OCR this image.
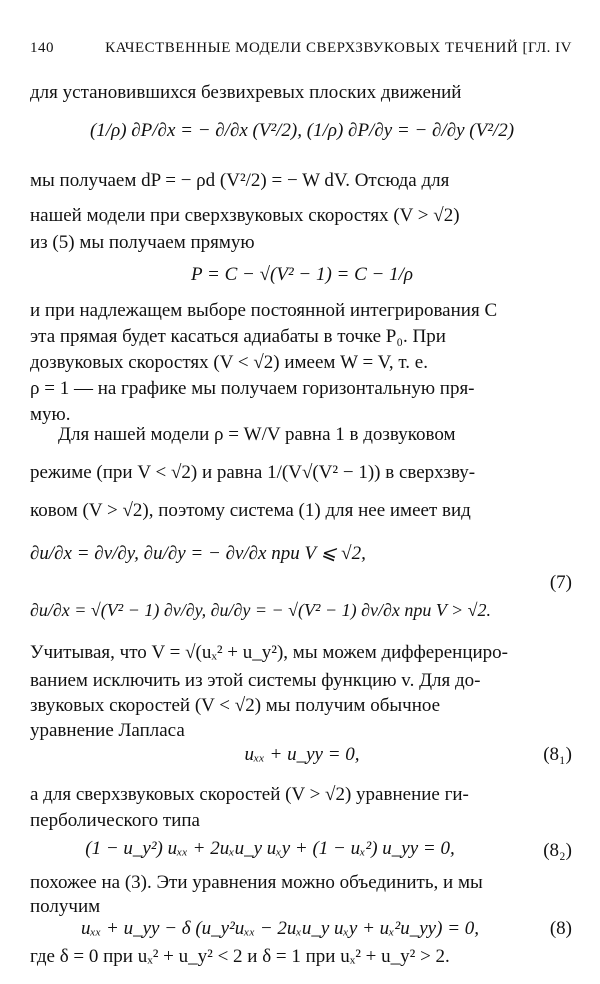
140	КАЧЕСТВЕННЫЕ МОДЕЛИ СВЕРХЗВУКОВЫХ ТЕЧЕНИЙ [ГЛ. IV
для установившихся безвихревых плоских движений
(1/ρ) ∂P/∂x = − ∂/∂x (V²/2), (1/ρ) ∂P/∂y = − ∂/∂y (V²/2)
мы получаем dP = − ρd (V²/2) = − W dV. Отсюда для
нашей модели при сверхзвуковых скоростях (V > √2)
из (5) мы получаем прямую
P = C − √(V² − 1) = C − 1/ρ
и при надлежащем выборе постоянной интегрирования C
эта прямая будет касаться адиабаты в точке P₀. При
дозвуковых скоростях (V < √2) имеем W = V, т. е.
ρ = 1 — на графике мы получаем горизонтальную пря-
мую.
Для нашей модели ρ = W/V равна 1 в дозвуковом
режиме (при V < √2) и равна 1/(V√(V² − 1)) в сверхзву-
ковом (V > √2), поэтому система (1) для нее имеет вид
∂u/∂x = ∂v/∂y, ∂u/∂y = − ∂v/∂x при V ⩽ √2,
(7)
∂u/∂x = √(V² − 1) ∂v/∂y, ∂u/∂y = − √(V² − 1) ∂v/∂x при V > √2.
Учитывая, что V = √(uₓ² + u_y²), мы можем дифференциро-
ванием исключить из этой системы функцию v. Для до-
звуковых скоростей (V < √2) мы получим обычное
уравнение Лапласа
uₓₓ + u_yy = 0,	(8₁)
а для сверхзвуковых скоростей (V > √2) уравнение ги-
перболического типа
(1 − u_y²) uₓₓ + 2uₓu_y uₓy + (1 − uₓ²) u_yy = 0,	(8₂)
похожее на (3). Эти уравнения можно объединить, и мы
получим
uₓₓ + u_yy − δ (u_y²uₓₓ − 2uₓu_y uₓy + uₓ²u_yy) = 0,	(8)
где δ = 0 при uₓ² + u_y² < 2 и δ = 1 при uₓ² + u_y² > 2.
